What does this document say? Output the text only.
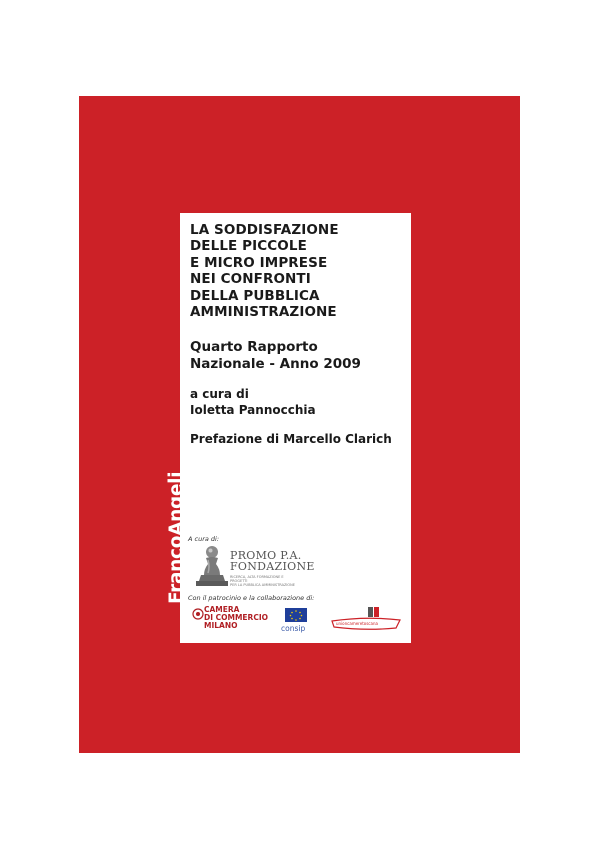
LA SODDISFAZIONE
DELLE PICCOLE
E MICRO IMPRESE
NEI CONFRONTI
DELLA PUBBLICA
AMMINISTRAZIONE
Quarto Rapporto
Nazionale - Anno 2009
a cura di
Ioletta Pannocchia
Prefazione di Marcello Clarich
A cura di:
PROMO P.A.
FONDAZIONE
RICERCA, ALTA FORMAZIONE E PROGETTI
PER LA PUBBLICA AMMINISTRAZIONE
Con il patrocinio e la collaborazione di:
CAMERA
DI COMMERCIO
MILANO	consip
unioncameretoscana
FrancoAngeli
